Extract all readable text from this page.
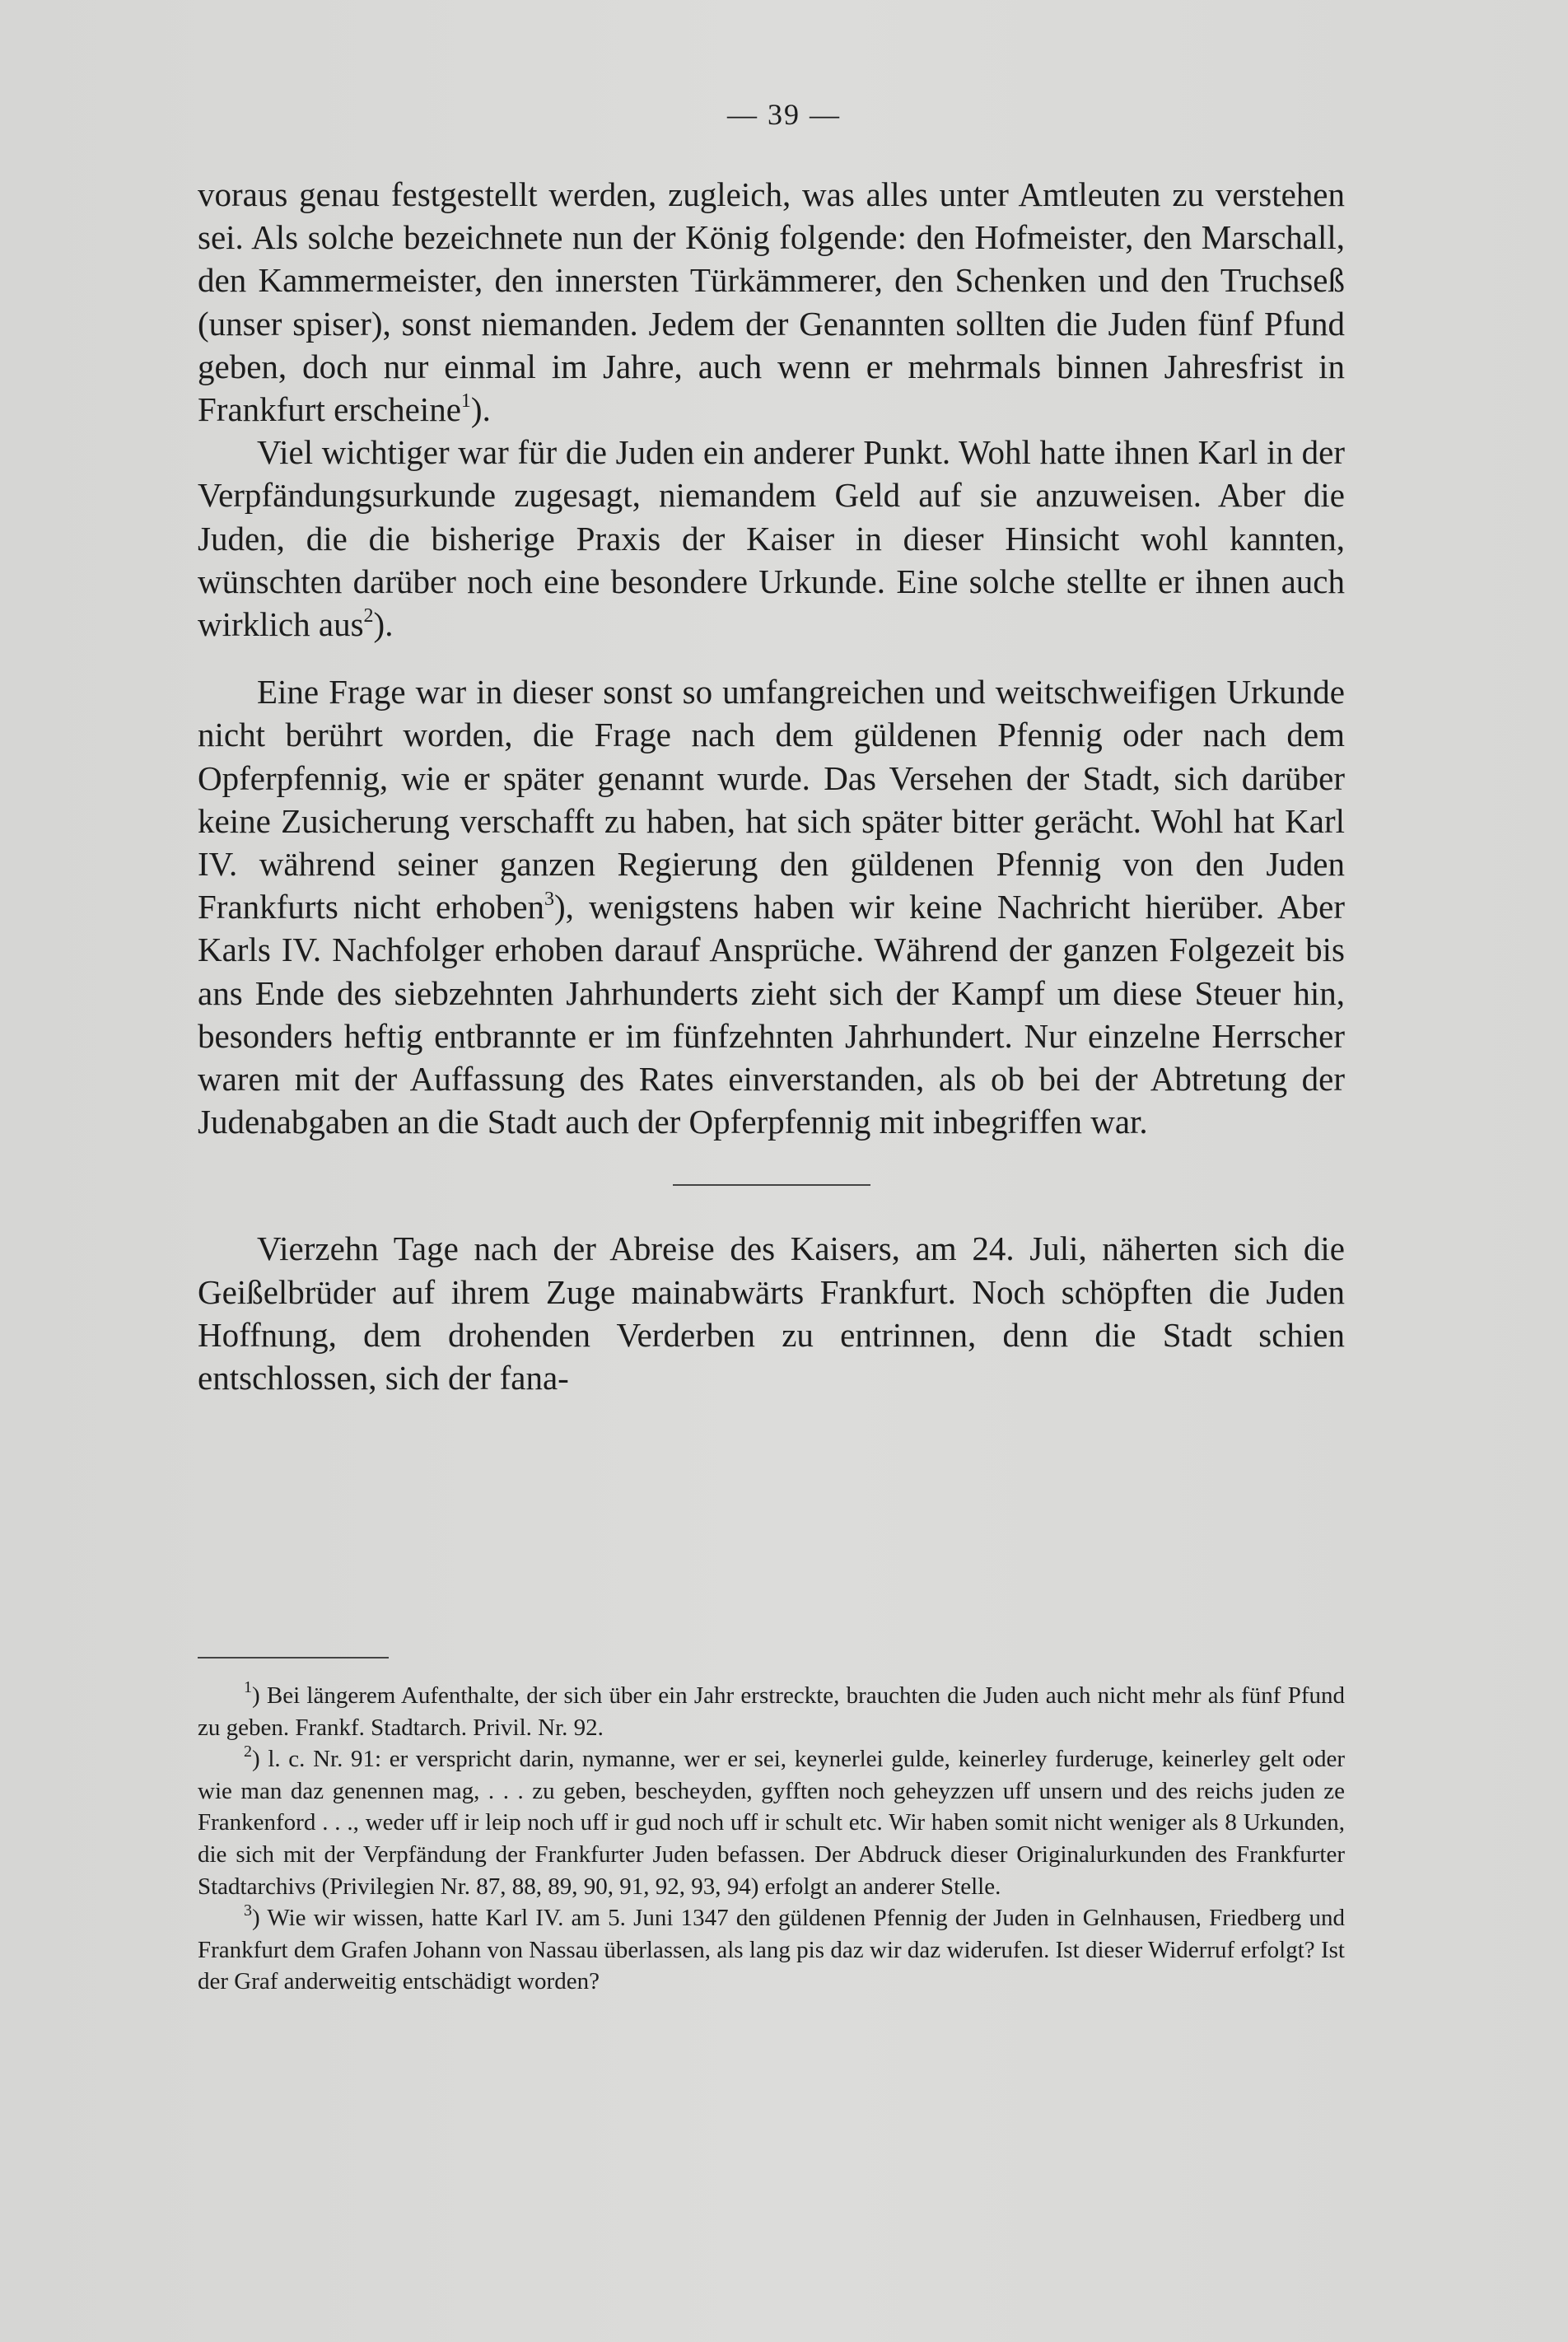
— 39 —

voraus genau festgestellt werden, zugleich, was alles unter Amtleuten zu verstehen sei. Als solche bezeichnete nun der König folgende: den Hofmeister, den Marschall, den Kammermeister, den innersten Türkämmerer, den Schenken und den Truchseß (unser spiser), sonst niemanden. Jedem der Genannten sollten die Juden fünf Pfund geben, doch nur einmal im Jahre, auch wenn er mehrmals binnen Jahresfrist in Frankfurt erscheine$^1$).

Viel wichtiger war für die Juden ein anderer Punkt. Wohl hatte ihnen Karl in der Verpfändungsurkunde zugesagt, niemandem Geld auf sie anzuweisen. Aber die Juden, die die bisherige Praxis der Kaiser in dieser Hinsicht wohl kannten, wünschten darüber noch eine besondere Urkunde. Eine solche stellte er ihnen auch wirklich aus$^2$).

Eine Frage war in dieser sonst so umfangreichen und weitschweifigen Urkunde nicht berührt worden, die Frage nach dem güldenen Pfennig oder nach dem Opferpfennig, wie er später genannt wurde. Das Versehen der Stadt, sich darüber keine Zusicherung verschafft zu haben, hat sich später bitter gerächt. Wohl hat Karl IV. während seiner ganzen Regierung den güldenen Pfennig von den Juden Frankfurts nicht erhoben$^3$), wenigstens haben wir keine Nachricht hierüber. Aber Karls IV. Nachfolger erhoben darauf Ansprüche. Während der ganzen Folgezeit bis ans Ende des siebzehnten Jahrhunderts zieht sich der Kampf um diese Steuer hin, besonders heftig entbrannte er im fünfzehnten Jahrhundert. Nur einzelne Herrscher waren mit der Auffassung des Rates einverstanden, als ob bei der Abtretung der Judenabgaben an die Stadt auch der Opferpfennig mit inbegriffen war.

Vierzehn Tage nach der Abreise des Kaisers, am 24. Juli, näherten sich die Geißelbrüder auf ihrem Zuge mainabwärts Frankfurt. Noch schöpften die Juden Hoffnung, dem drohenden Verderben zu entrinnen, denn die Stadt schien entschlossen, sich der fana-

$^1$) Bei längerem Aufenthalte, der sich über ein Jahr erstreckte, brauchten die Juden auch nicht mehr als fünf Pfund zu geben. Frankf. Stadtarch. Privil. Nr. 92.

$^2$) l. c. Nr. 91: er verspricht darin, nymanne, wer er sei, keynerlei gulde, keinerley furderuge, keinerley gelt oder wie man daz genennen mag, . . . zu geben, bescheyden, gyfften noch geheyzzen uff unsern und des reichs juden ze Frankenford . . ., weder uff ir leip noch uff ir gud noch uff ir schult etc. Wir haben somit nicht weniger als 8 Urkunden, die sich mit der Verpfändung der Frankfurter Juden befassen. Der Abdruck dieser Originalurkunden des Frankfurter Stadtarchivs (Privilegien Nr. 87, 88, 89, 90, 91, 92, 93, 94) erfolgt an anderer Stelle.

$^3$) Wie wir wissen, hatte Karl IV. am 5. Juni 1347 den güldenen Pfennig der Juden in Gelnhausen, Friedberg und Frankfurt dem Grafen Johann von Nassau überlassen, als lang pis daz wir daz widerufen. Ist dieser Widerruf erfolgt? Ist der Graf anderweitig entschädigt worden?
